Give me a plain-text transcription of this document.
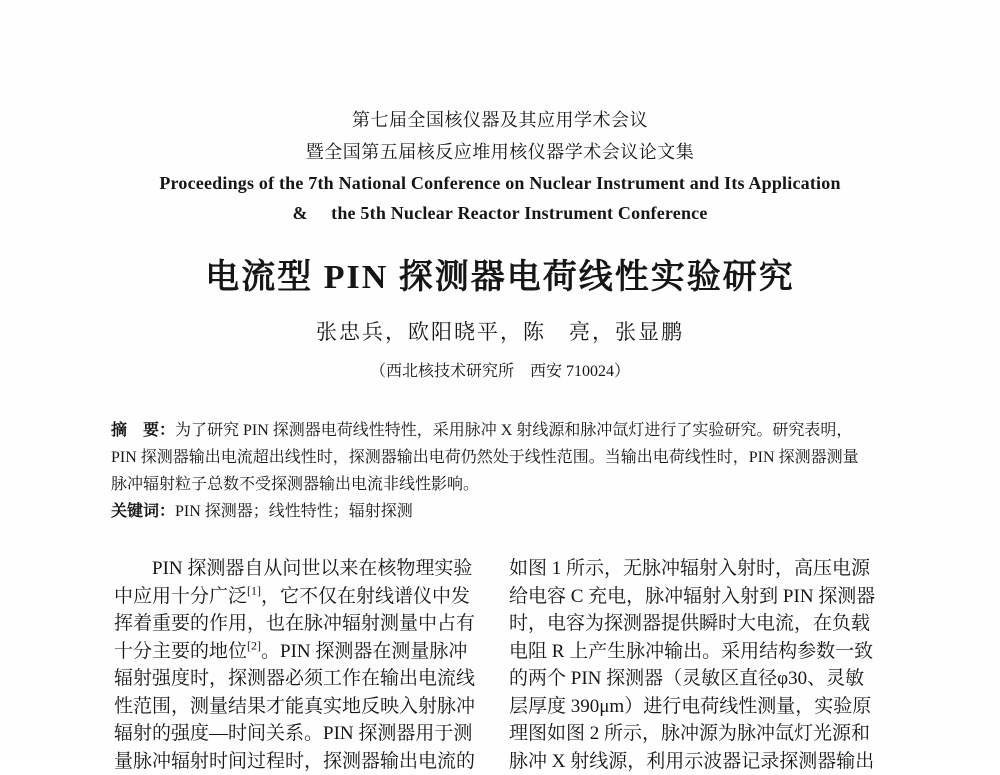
第七届全国核仪器及其应用学术会议
暨全国第五届核反应堆用核仪器学术会议论文集
Proceedings of the 7th National Conference on Nuclear Instrument and Its Application
&     the 5th Nuclear Reactor Instrument Conference
电流型 PIN 探测器电荷线性实验研究
张忠兵，欧阳晓平，陈　亮，张显鹏
（西北核技术研究所　西安 710024）
摘　要：为了研究 PIN 探测器电荷线性特性，采用脉冲 X 射线源和脉冲氙灯进行了实验研究。研究表明，
PIN 探测器输出电流超出线性时，探测器输出电荷仍然处于线性范围。当输出电荷线性时，PIN 探测器测量
脉冲辐射粒子总数不受探测器输出电流非线性影响。
关键词：PIN 探测器；线性特性；辐射探测
　　PIN 探测器自从问世以来在核物理实验
中应用十分广泛[1]，它不仅在射线谱仪中发
挥着重要的作用，也在脉冲辐射测量中占有
十分主要的地位[2]。PIN 探测器在测量脉冲
辐射强度时，探测器必须工作在输出电流线
性范围，测量结果才能真实地反映入射脉冲
辐射的强度—时间关系。PIN 探测器用于测
量脉冲辐射时间过程时，探测器输出电流的
如图 1 所示，无脉冲辐射入射时，高压电源
给电容 C 充电，脉冲辐射入射到 PIN 探测器
时，电容为探测器提供瞬时大电流，在负载
电阻 R 上产生脉冲输出。采用结构参数一致
的两个 PIN 探测器（灵敏区直径φ30、灵敏
层厚度 390μm）进行电荷线性测量，实验原
理图如图 2 所示，脉冲源为脉冲氙灯光源和
脉冲 X 射线源，利用示波器记录探测器输出
